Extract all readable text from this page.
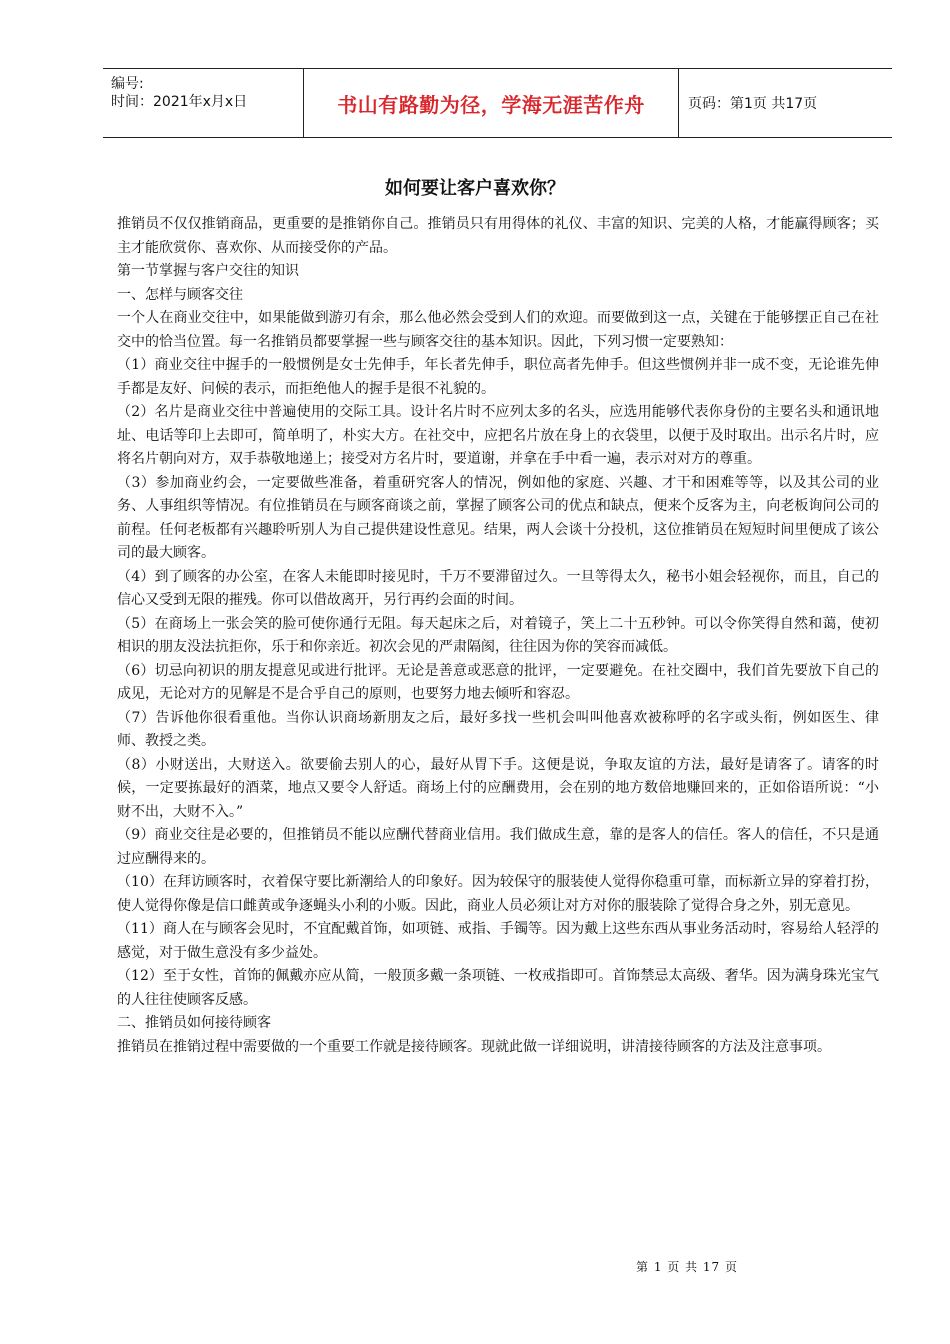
编号:
时间：2021年x月x日	书山有路勤为径，学海无涯苦作舟	页码：第1页 共17页
如何要让客户喜欢你？

推销员不仅仅推销商品，更重要的是推销你自己。推销员只有用得体的礼仪、丰富的知识、完美的人格，才能赢得顾客；买主才能欣赏你、喜欢你、从而接受你的产品。

第一节掌握与客户交往的知识

一、怎样与顾客交往

一个人在商业交往中，如果能做到游刃有余，那么他必然会受到人们的欢迎。而要做到这一点，关键在于能够摆正自己在社交中的恰当位置。每一名推销员都要掌握一些与顾客交往的基本知识。因此，下列习惯一定要熟知：

（1）商业交往中握手的一般惯例是女士先伸手，年长者先伸手，职位高者先伸手。但这些惯例并非一成不变，无论谁先伸手都是友好、问候的表示，而拒绝他人的握手是很不礼貌的。

（2）名片是商业交往中普遍使用的交际工具。设计名片时不应列太多的名头，应选用能够代表你身份的主要名头和通讯地址、电话等印上去即可，简单明了，朴实大方。在社交中，应把名片放在身上的衣袋里，以便于及时取出。出示名片时，应将名片朝向对方，双手恭敬地递上；接受对方名片时，要道谢，并拿在手中看一遍，表示对对方的尊重。

（3）参加商业约会，一定要做些准备，着重研究客人的情况，例如他的家庭、兴趣、才干和困难等等，以及其公司的业务、人事组织等情况。有位推销员在与顾客商谈之前，掌握了顾客公司的优点和缺点，便来个反客为主，向老板询问公司的前程。任何老板都有兴趣聆听别人为自己提供建设性意见。结果，两人会谈十分投机，这位推销员在短短时间里便成了该公司的最大顾客。

（4）到了顾客的办公室，在客人未能即时接见时，千万不要滞留过久。一旦等得太久，秘书小姐会轻视你，而且，自己的信心又受到无限的摧残。你可以借故离开，另行再约会面的时间。

（5）在商场上一张会笑的脸可使你通行无阻。每天起床之后，对着镜子，笑上二十五秒钟。可以令你笑得自然和蔼，使初相识的朋友没法抗拒你，乐于和你亲近。初次会见的严肃隔阂，往往因为你的笑容而减低。

（6）切忌向初识的朋友提意见或进行批评。无论是善意或恶意的批评，一定要避免。在社交圈中，我们首先要放下自己的成见，无论对方的见解是不是合乎自己的原则，也要努力地去倾听和容忍。

（7）告诉他你很看重他。当你认识商场新朋友之后，最好多找一些机会叫叫他喜欢被称呼的名字或头衔，例如医生、律师、教授之类。

（8）小财送出，大财送入。欲要偷去别人的心，最好从胃下手。这便是说，争取友谊的方法，最好是请客了。请客的时候，一定要拣最好的酒菜，地点又要令人舒适。商场上付的应酬费用，会在别的地方数倍地赚回来的，正如俗语所说：“小财不出，大财不入。”

（9）商业交往是必要的，但推销员不能以应酬代替商业信用。我们做成生意，靠的是客人的信任。客人的信任，不只是通过应酬得来的。

（10）在拜访顾客时，衣着保守要比新潮给人的印象好。因为较保守的服装使人觉得你稳重可靠，而标新立异的穿着打扮，使人觉得你像是信口雌黄或争逐蝇头小利的小贩。因此，商业人员必须让对方对你的服装除了觉得合身之外，别无意见。

（11）商人在与顾客会见时，不宜配戴首饰，如项链、戒指、手镯等。因为戴上这些东西从事业务活动时，容易给人轻浮的感觉，对于做生意没有多少益处。

（12）至于女性，首饰的佩戴亦应从简，一般顶多戴一条项链、一枚戒指即可。首饰禁忌太高级、奢华。因为满身珠光宝气的人往往使顾客反感。

二、推销员如何接待顾客

推销员在推销过程中需要做的一个重要工作就是接待顾客。现就此做一详细说明，讲清接待顾客的方法及注意事项。

第 1 页 共 17 页
